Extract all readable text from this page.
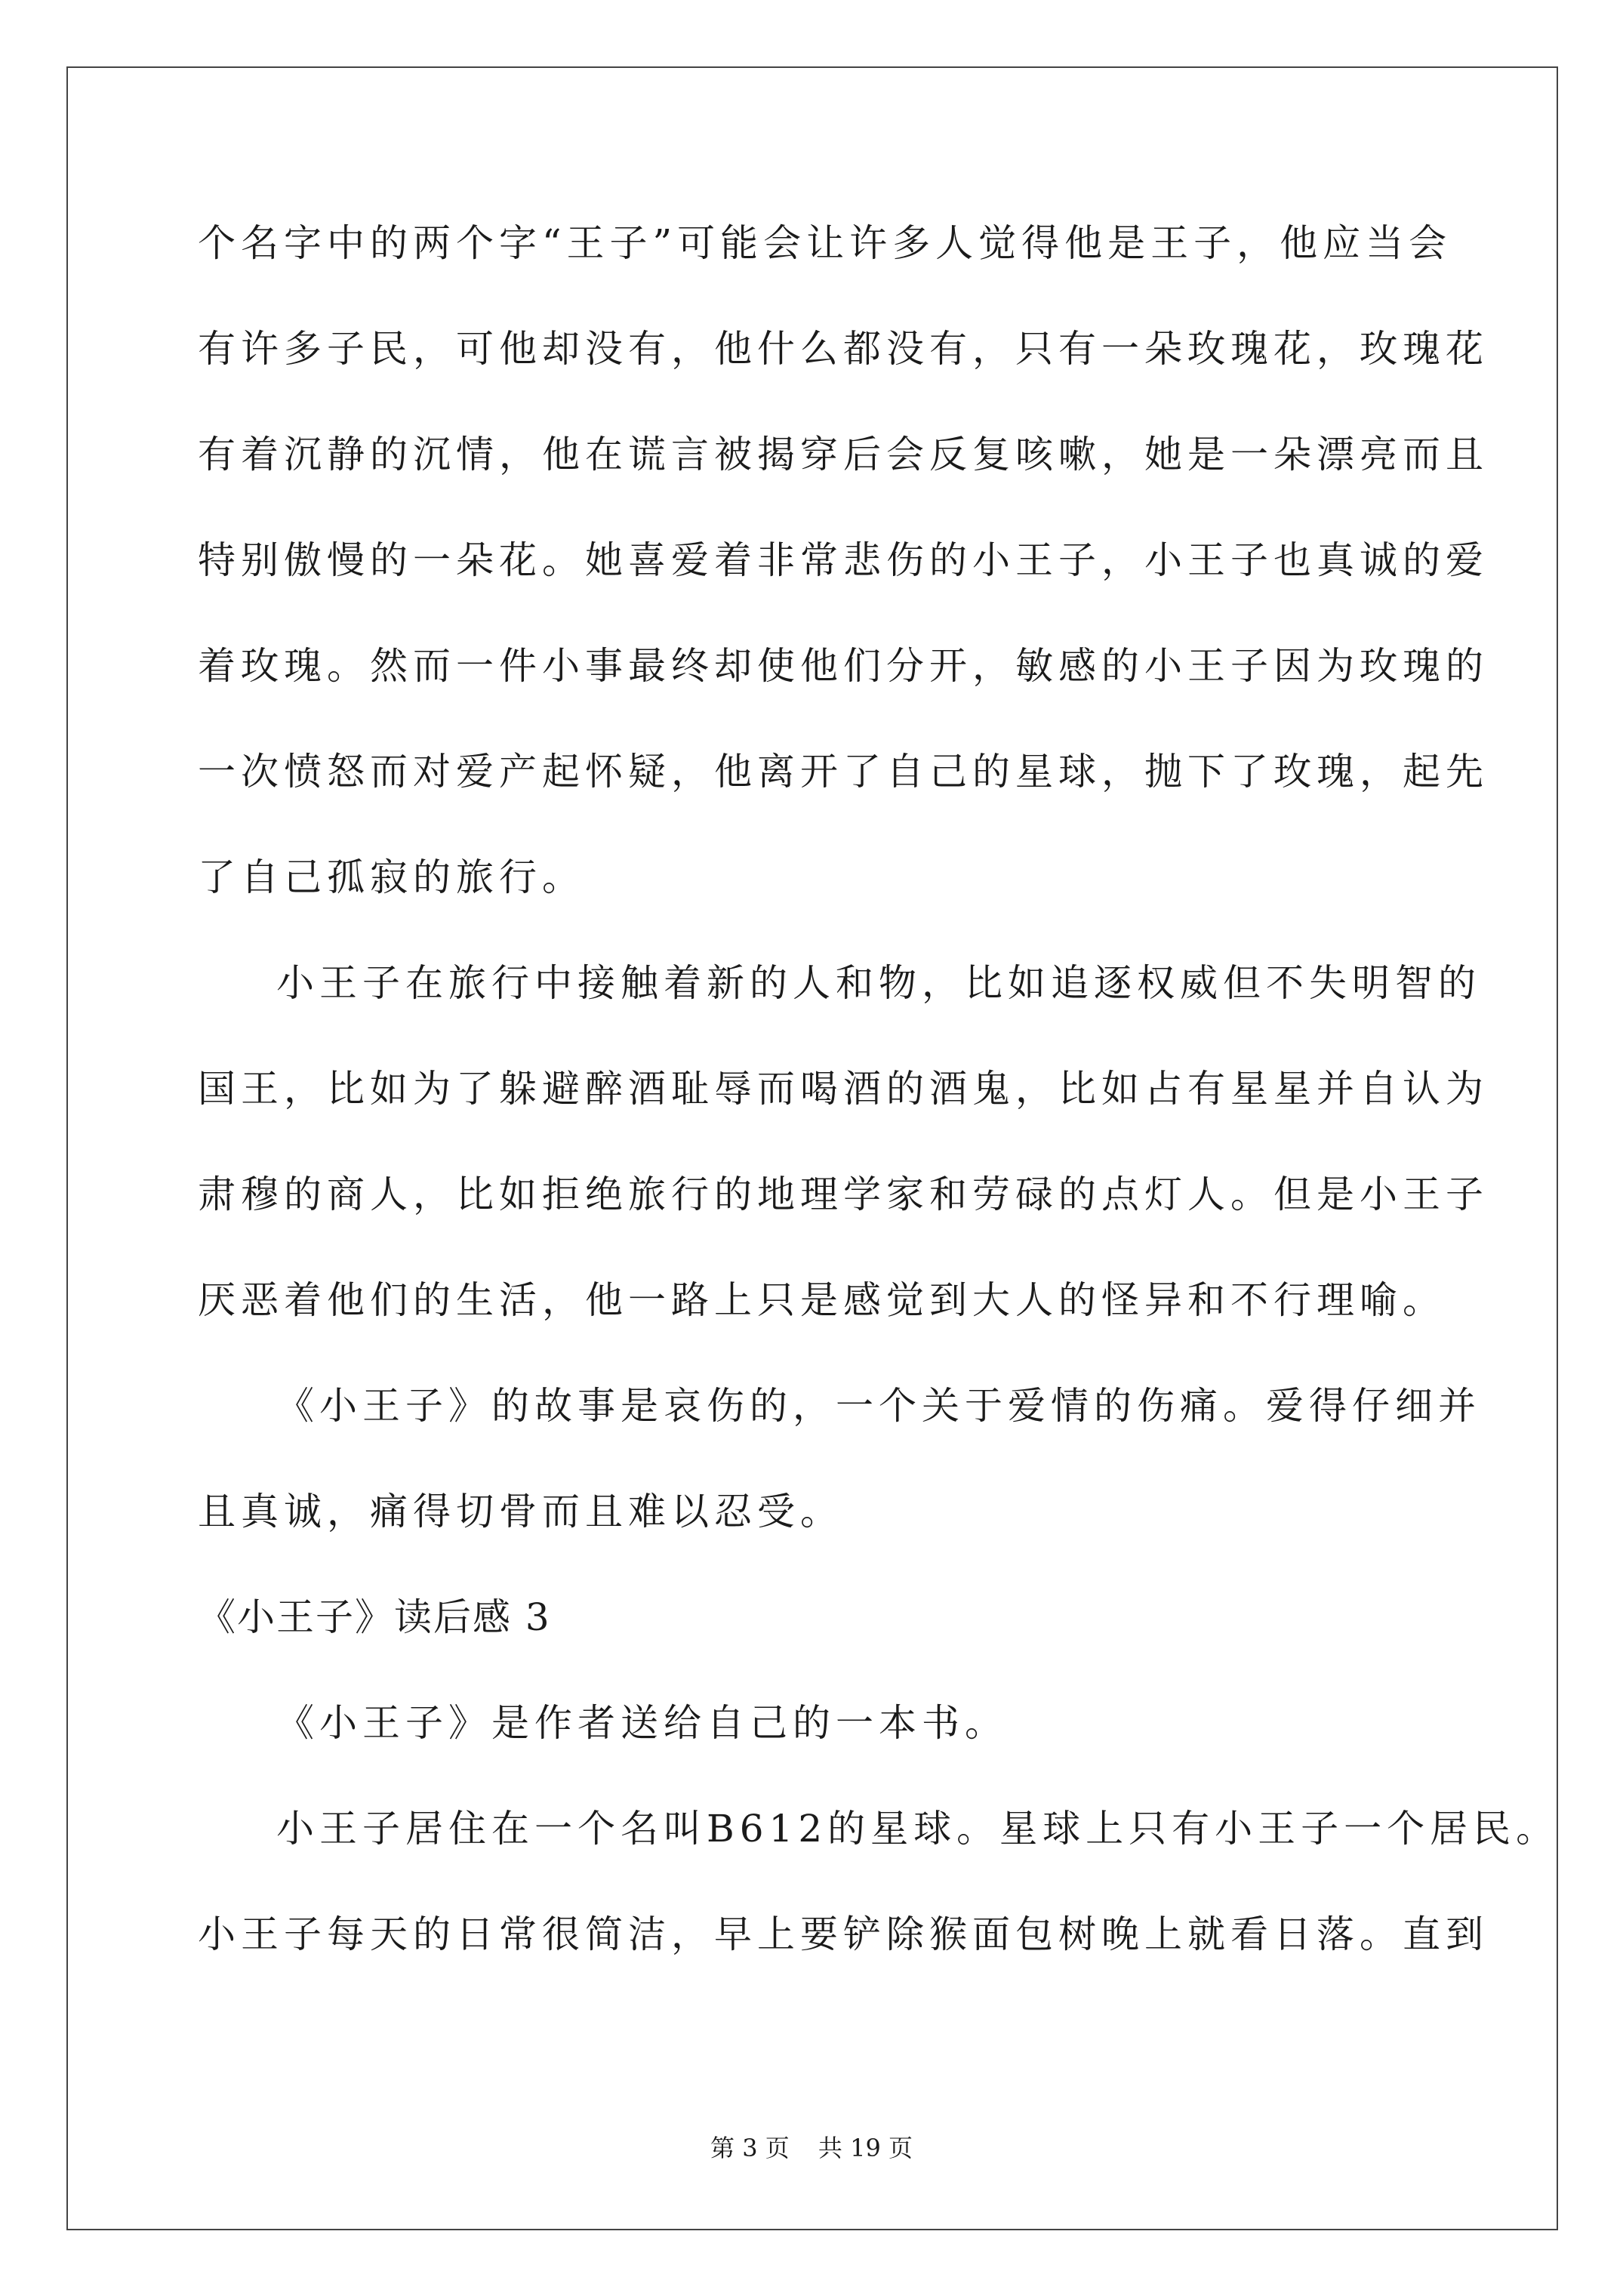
个名字中的两个字“王子”可能会让许多人觉得他是王子，他应当会

有许多子民，可他却没有，他什么都没有，只有一朵玫瑰花，玫瑰花

有着沉静的沉情，他在谎言被揭穿后会反复咳嗽，她是一朵漂亮而且

特别傲慢的一朵花。她喜爱着非常悲伤的小王子，小王子也真诚的爱

着玫瑰。然而一件小事最终却使他们分开，敏感的小王子因为玫瑰的

一次愤怒而对爱产起怀疑，他离开了自己的星球，抛下了玫瑰，起先

了自己孤寂的旅行。

小王子在旅行中接触着新的人和物，比如追逐权威但不失明智的

国王，比如为了躲避醉酒耻辱而喝酒的酒鬼，比如占有星星并自认为

肃穆的商人，比如拒绝旅行的地理学家和劳碌的点灯人。但是小王子

厌恶着他们的生活，他一路上只是感觉到大人的怪异和不行理喻。

《小王子》的故事是哀伤的，一个关于爱情的伤痛。爱得仔细并

且真诚，痛得切骨而且难以忍受。

《小王子》读后感 3

《小王子》是作者送给自己的一本书。

小王子居住在一个名叫B612的星球。星球上只有小王子一个居民。

小王子每天的日常很简洁，早上要铲除猴面包树晚上就看日落。直到

第 3 页 共 19 页
